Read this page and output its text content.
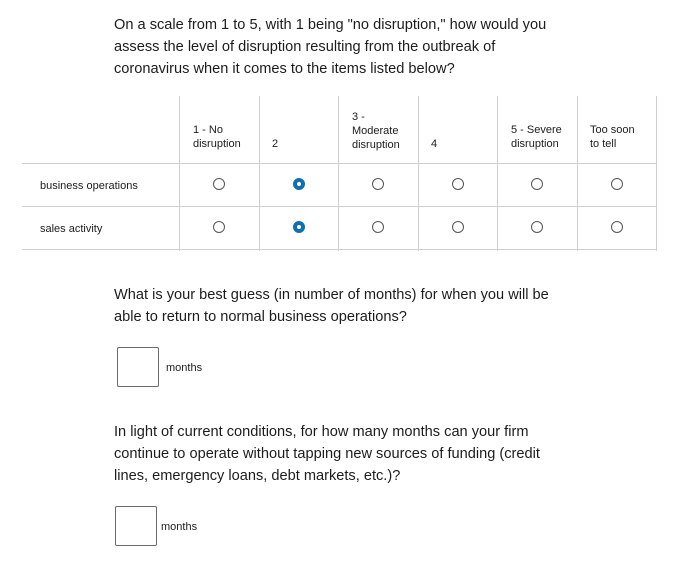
On a scale from 1 to 5, with 1 being "no disruption," how would you assess the level of disruption resulting from the outbreak of coronavirus when it comes to the items listed below?

1 - No
disruption	2
3 -
Moderate
disruption	4
5 - Severe
disruption
Too soon
to tell
business operations
sales activity

What is your best guess (in number of months) for when you will be able to return to normal business operations?

months

In light of current conditions, for how many months can your firm continue to operate without tapping new sources of funding (credit lines, emergency loans, debt markets, etc.)?

months
